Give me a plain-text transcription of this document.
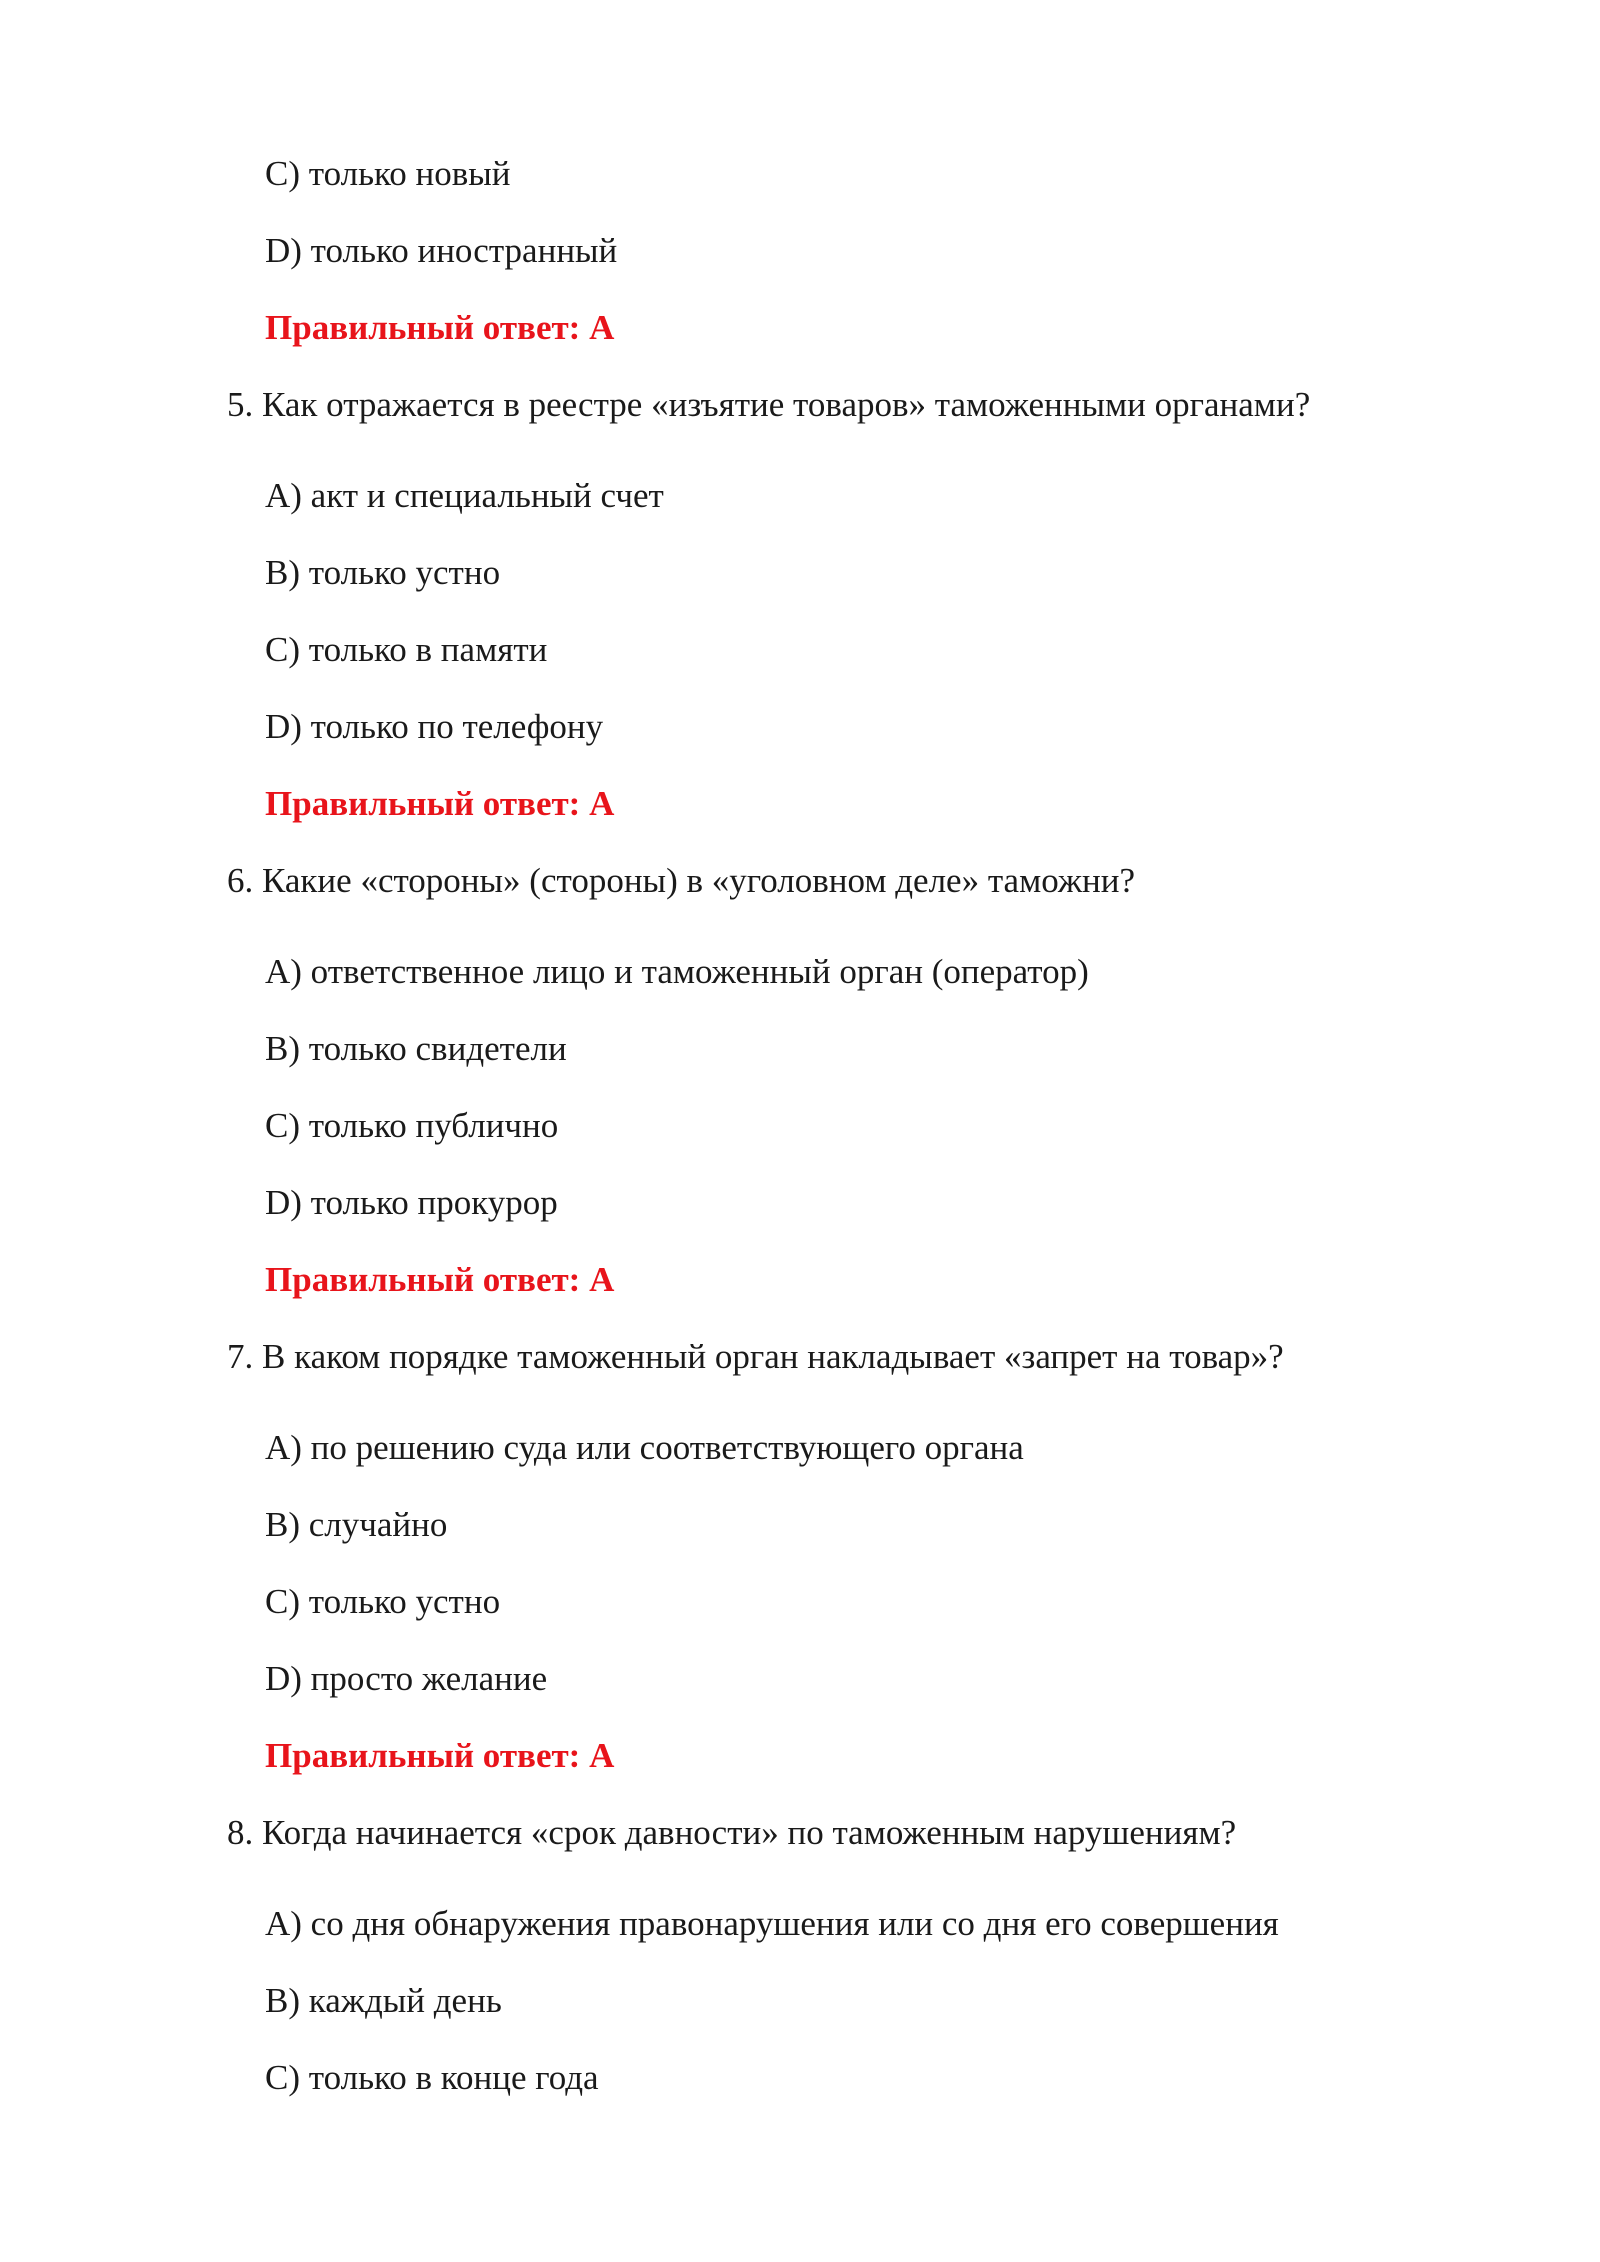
C) только новый
D) только иностранный
Правильный ответ: А
5. Как отражается в реестре «изъятие товаров» таможенными органами?
А) акт и специальный счет
В) только устно
С) только в памяти
D) только по телефону
Правильный ответ: А
6. Какие «стороны» (стороны) в «уголовном деле» таможни?
А) ответственное лицо и таможенный орган (оператор)
В) только свидетели
С) только публично
D) только прокурор
Правильный ответ: А
7. В каком порядке таможенный орган накладывает «запрет на товар»?
А) по решению суда или соответствующего органа
В) случайно
С) только устно
D) просто желание
Правильный ответ: А
8. Когда начинается «срок давности» по таможенным нарушениям?
А) со дня обнаружения правонарушения или со дня его совершения
В) каждый день
С) только в конце года
